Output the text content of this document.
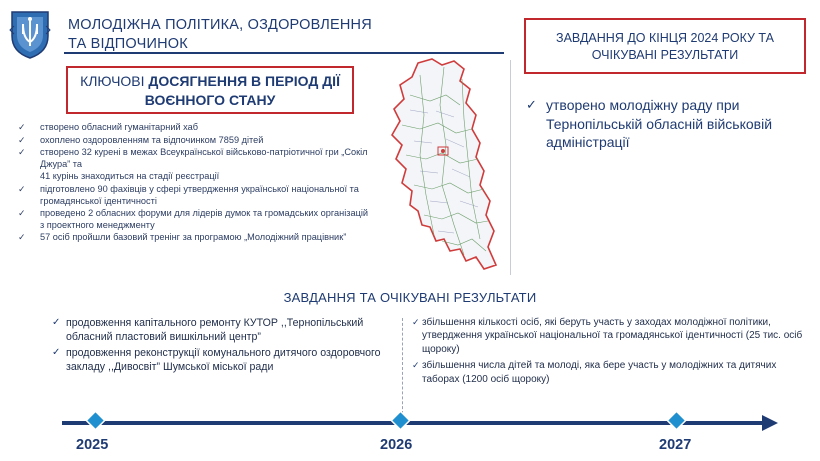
МОЛОДІЖНА ПОЛІТИКА, ОЗДОРОВЛЕННЯ
ТА ВІДПОЧИНОК
КЛЮЧОВІ ДОСЯГНЕННЯ В ПЕРІОД ДІЇ
ВОЄННОГО СТАНУ
✓ створено обласний гуманітарний хаб
✓ охоплено оздоровленням та відпочинком 7859 дітей
✓ створено 32 курені в межах Всеукраїнської військово-патріотичної гри „Сокіл Джура” та
41 курінь знаходиться на стадії реєстрації
✓ підготовлено 90 фахівців у сфері утвердження української національної та громадянської ідентичності
✓ проведено 2 обласних форуми для лідерів думок та громадських організацій з проектного менеджменту
✓ 57 осіб пройшли базовий тренінг за програмою „Молодіжний працівник”
ЗАВДАННЯ ДО КІНЦЯ 2024 РОКУ ТА
ОЧІКУВАНІ РЕЗУЛЬТАТИ
✓ утворено молодіжну раду при Тернопільській обласній військовій адміністрації
ЗАВДАННЯ ТА ОЧІКУВАНІ РЕЗУЛЬТАТИ
✓ продовження капітального ремонту КУТОР ,,Тернопільський обласний пластовий вишкільний центр”
✓ продовження реконструкції комунального дитячого оздоровчого закладу ,,Дивосвіт” Шумської міської ради
✓ збільшення кількості осіб, які беруть участь у заходах молодіжної політики, утвердження української національної та громадянської ідентичності (25 тис. осіб щороку)
✓ збільшення числа дітей та молоді, яка бере участь у молодіжних та дитячих таборах (1200 осіб щороку)
2025	2026	2027
